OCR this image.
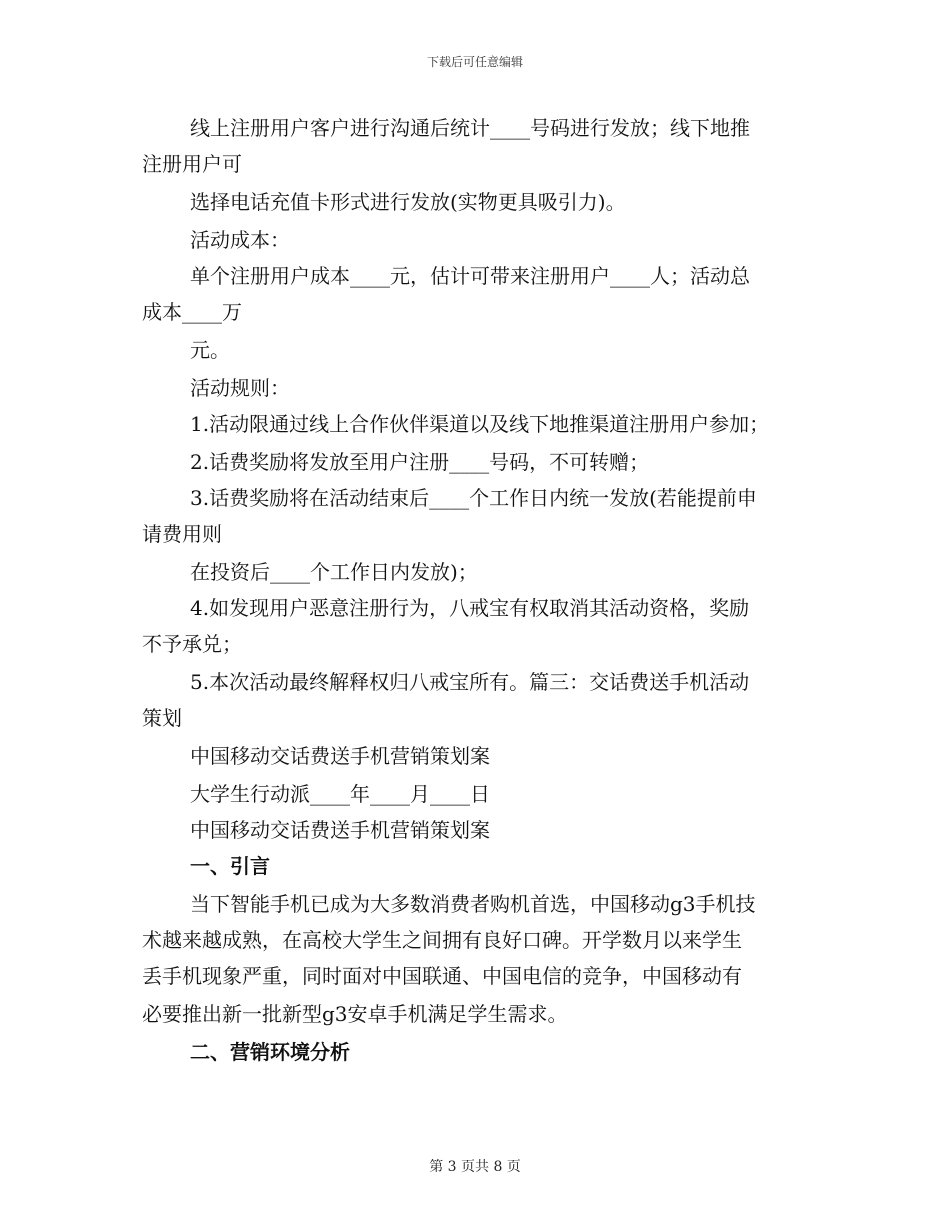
下载后可任意编辑
线上注册用户客户进行沟通后统计____号码进行发放；线下地推
注册用户可
选择电话充值卡形式进行发放(实物更具吸引力)。
活动成本：
单个注册用户成本____元，估计可带来注册用户____人；活动总
成本____万
元。
活动规则：
1.活动限通过线上合作伙伴渠道以及线下地推渠道注册用户参加；
2.话费奖励将发放至用户注册____号码，不可转赠；
3.话费奖励将在活动结束后____个工作日内统一发放(若能提前申
请费用则
在投资后____个工作日内发放)；
4.如发现用户恶意注册行为，八戒宝有权取消其活动资格，奖励
不予承兑；
5.本次活动最终解释权归八戒宝所有。篇三：交话费送手机活动
策划
中国移动交话费送手机营销策划案
大学生行动派____年____月____日
中国移动交话费送手机营销策划案
一、引言
当下智能手机已成为大多数消费者购机首选，中国移动g3手机技
术越来越成熟，在高校大学生之间拥有良好口碑。开学数月以来学生
丢手机现象严重，同时面对中国联通、中国电信的竞争，中国移动有
必要推出新一批新型g3安卓手机满足学生需求。
二、营销环境分析
第 3 页共 8 页
